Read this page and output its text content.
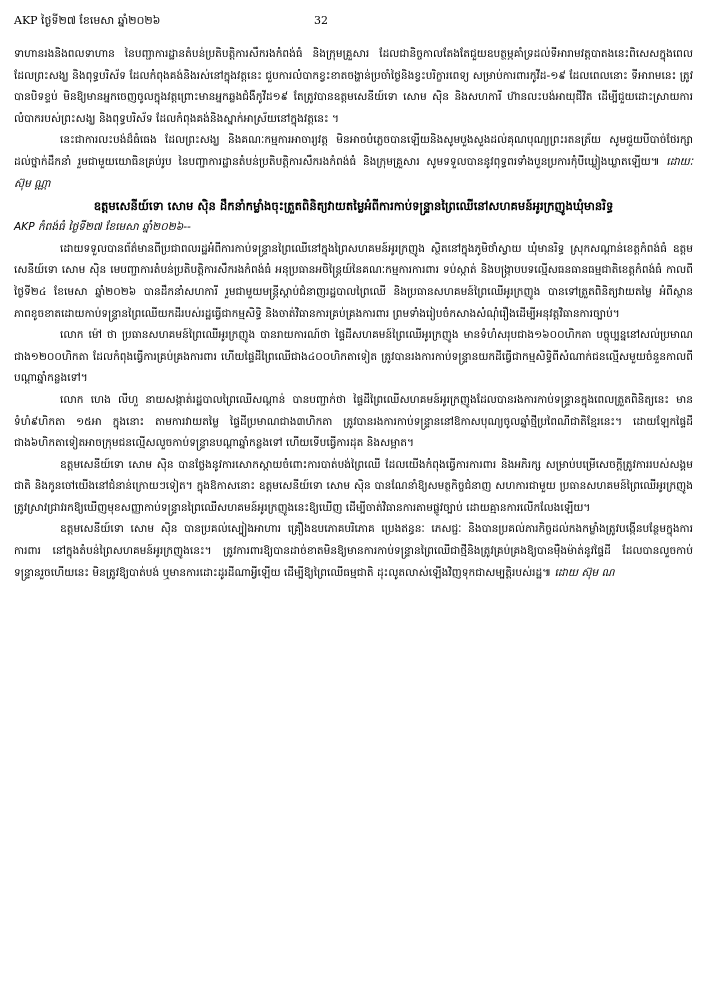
AKP ថ្ងៃទី២៧ ខែមេសា ឆ្នាំ២០២៦	32

ទាហានរងនិងពលទាហាន នៃបញ្ជាការដ្ឋានតំបន់ប្រតិបត្តិការសឹករងកំពង់ធំ និងក្រុមគ្រួសារ ដែលជានិច្ចកាលតែងតែជួយឧបត្ថម្ភគាំទ្រដល់ទីអារាមវត្តបាតងនេះពិសេសក្នុងពេលដែលព្រះសង្ឃ និងពុទ្ធបរិស័ទ ដែលកំពុងគង់និងរស់នៅក្នុងវត្តនេះ ជួបការលំបាកខ្វះខាតចង្ហាន់ប្រចាំថ្ងៃនិងខ្វះបរិក្ខារពេទ្យ សម្រាប់ការពារកូវីដ-១៩ ដែលពេលនោះ ទីអារាមនេះ ត្រូវបានបិទខ្ទប់ មិនឱ្យមានអ្នកចេញចូលក្នុងវត្តព្រោះមានអ្នកឆ្លងជំងឺកូវីដ១៩ តែត្រូវបានឧត្តមសេនីយ៍ទោ សោម ស៊ិន និងសហការី ហ៊ានលះបង់អាយុជីវិត ដើម្បីជួយដោះស្រាយការលំបាករបស់ព្រះសង្ឃ និងពុទ្ធបរិស័ទ ដែលកំពុងគង់និងស្នាក់អាស្រ័យនៅក្នុងវត្តនេះ ។

នេះជាការលះបង់ដ៏ធំធេង ដែលព្រះសង្ឃ និងគណៈកម្មការអាចារ្យវត្ត មិនអាចបំភ្លេចបានឡើយនិងសូមបួងសួងដល់គុណបុណ្យព្រះរតនត្រ័យ សូមជួយបីបាច់ថែរក្សា ដល់ថ្នាក់ដឹកនាំ រួមជាមួយយោធិនគ្រប់រូប នៃបញ្ជាការដ្ឋានតំបន់ប្រតិបត្តិការសឹករងកំពង់ធំ និងក្រុមគ្រួសារ សូមទទួលបាននូវពុទ្ធពរទាំងបួនប្រការកុំបីឃ្លៀងឃ្លាតឡើយ៕ ដោយៈ ស៊ុម ណ្ណា

ឧត្តមសេនីយ៍ទោ សោម ស៊ិន ដឹកនាំកម្លាំងចុះត្រួតពិនិត្យវាយតម្លៃអំពីការកាប់ទន្ទ្រានព្រៃឈើនៅសហគមន៍អូរក្រញូងឃុំមានរិទ្ធ

AKP កំពង់ធំ ថ្ងៃទី២៧ ខែមេសា ឆ្នាំ២០២៦--

ដោយទទួលបានព័ត៌មានពីប្រជាពលរដ្ឋអំពីការកាប់ទន្ទ្រានព្រៃឈើនៅក្នុងព្រៃសហគមន៍អូរក្រញូង ស្ថិតនៅក្នុងភូមិថាំស្វាយ ឃុំមានរិទ្ធ ស្រុកសណ្ដាន់ខេត្តកំពង់ធំ ឧត្តមសេនីយ៍ទោ សោម ស៊ិន មេបញ្ជាការតំបន់ប្រតិបត្តិការសឹករងកំពង់ធំ អនុប្រធានអចិន្ត្រៃយ៍នៃគណៈកម្មការការពារ ទប់ស្កាត់ និងបង្ក្រាបបទល្មើសធនធានធម្មជាតិខេត្តកំពង់ធំ កាលពីថ្ងៃទី២៤ ខែមេសា ឆ្នាំ២០២៦ បានដឹកនាំសហការី រួមជាមួយមន្ត្រីស្ដាប់ជំនាញរដ្ឋបាលព្រៃឈើ និងប្រធានសហគមន៍ព្រៃឈើអូរក្រញូង បានទៅត្រួតពិនិត្យវាយតម្លៃ អំពីស្ថានភាពខូចខាតដោយកាប់ទន្ទ្រានព្រៃឈើយកដីរបស់រដ្ឋធ្វើជាកម្មសិទ្ធិ និងចាត់វិធានការគ្រប់គ្រងការពារ ព្រមទាំងរៀបចំកសាងសំណុំរឿងដើម្បីអនុវត្តវិធានការច្បាប់។

លោក ម៉ៅ ថា ប្រធានសហគមន៍ព្រៃឈើអូរក្រញូង បានរាយការណ៍ថា ផ្ទៃដីសហគមន៍ព្រៃឈើអូរក្រញូង មានទំហំសរុបជាង១៦០០ហិកតា បច្ចុប្បន្ននៅសល់ប្រមាណជាង១២០០ហិកតា ដែលកំពុងធ្វើការគ្រប់គ្រងការពារ ហើយផ្ទៃដីព្រៃឈើជាង៤០០ហិកតាទៀត ត្រូវបានរងការកាប់ទន្ទ្រានយកដីធ្វើជាកម្មសិទ្ធិពីសំណាក់ជនល្មើសមួយចំនួនកាលពីបណ្ដាឆ្នាំកន្លងទៅ។

លោក ហេង លីហួ នាយសង្កាត់រដ្ឋបាលព្រៃឈើសណ្ដាន់ បានបញ្ជាក់ថា ផ្ទៃដីព្រៃឈើសហគមន៍អូរក្រញូងដែលបានរងការកាប់ទន្ទ្រានក្នុងពេលត្រួតពិនិត្យនេះ មានទំហំ៩ហិកតា ១៥អា ក្នុងនោះ តាមការវាយតម្លៃ ផ្ទៃដីប្រមាណជាង៣ហិកតា ត្រូវបានរងការកាប់ទន្ទ្រាននៅឱកាសបុណ្យចូលឆ្នាំថ្មីប្រពៃណីជាតិខ្មែរនេះ។ ដោយឡែកផ្ទៃដីជាង៦ហិកតាទៀតអាចក្រុមជនល្មើសលួចកាប់ទន្ទ្រានបណ្ដាឆ្នាំកន្លងទៅ ហើយទើបធ្វើការដុត និងសម្អាត។

ឧត្តមសេនីយ៍ទោ សោម ស៊ិន បានថ្លែងនូវការសោកស្ដាយចំពោះការបាត់បង់ព្រៃឈើ ដែលយើងកំពុងធ្វើការការពារ និងអភិរក្ស សម្រាប់បម្រើសេចក្តីត្រូវការរបស់សង្គមជាតិ និងកូនចៅយើងនៅជំនាន់ក្រោយៗទៀត។ ក្នុងឱកាសនោះ ឧត្តមសេនីយ៍ទោ សោម ស៊ិន បានណែនាំឱ្យសមត្ថកិច្ចជំនាញ សហការជាមួយ ប្រធានសហគមន៍ព្រៃឈើអូរក្រញូង ត្រូវស្រាវជ្រាវរកឱ្យឃើញមុខសញ្ញាកាប់ទន្ទ្រានព្រៃឈើសហគមន៍អូរក្រញូងនេះឱ្យឃើញ ដើម្បីចាត់វិធានការតាមផ្លូវច្បាប់ ដោយគ្មានការលើកលែងឡើយ។

ឧត្តមសេនីយ៍ទោ សោម ស៊ិន បានប្រគល់ស្បៀងអាហារ គ្រឿងឧបភោគបរិភោគ ប្រេងឥន្ធនៈ ភេសជ្ជៈ និងបានប្រគល់ភារកិច្ចដល់កងកម្លាំងត្រូវបង្កើនបន្ថែមក្នុងការការពារ នៅក្នុងតំបន់ព្រៃសហគមន៍អូរក្រញូងនេះ។ ត្រូវការពារឱ្យបានដាច់ខាតមិនឱ្យមានការកាប់ទន្ទ្រានព្រៃឈើជាថ្មីនិងត្រូវគ្រប់គ្រងឱ្យបានម៉ឺងម៉ាត់នូវផ្ទៃដី ដែលបានលួចកាប់ទន្ទ្រានរួចហើយនេះ មិនត្រូវឱ្យបាត់បង់ ឬមានការដោះដូរដីណាអ្វីឡើយ ដើម្បីឱ្យព្រៃឈើធម្មជាតិ ដុះលូតលាស់ឡើងវិញទុកជាសម្បត្តិរបស់រដ្ឋ៕ ដោយ ស៊ុម ណ
